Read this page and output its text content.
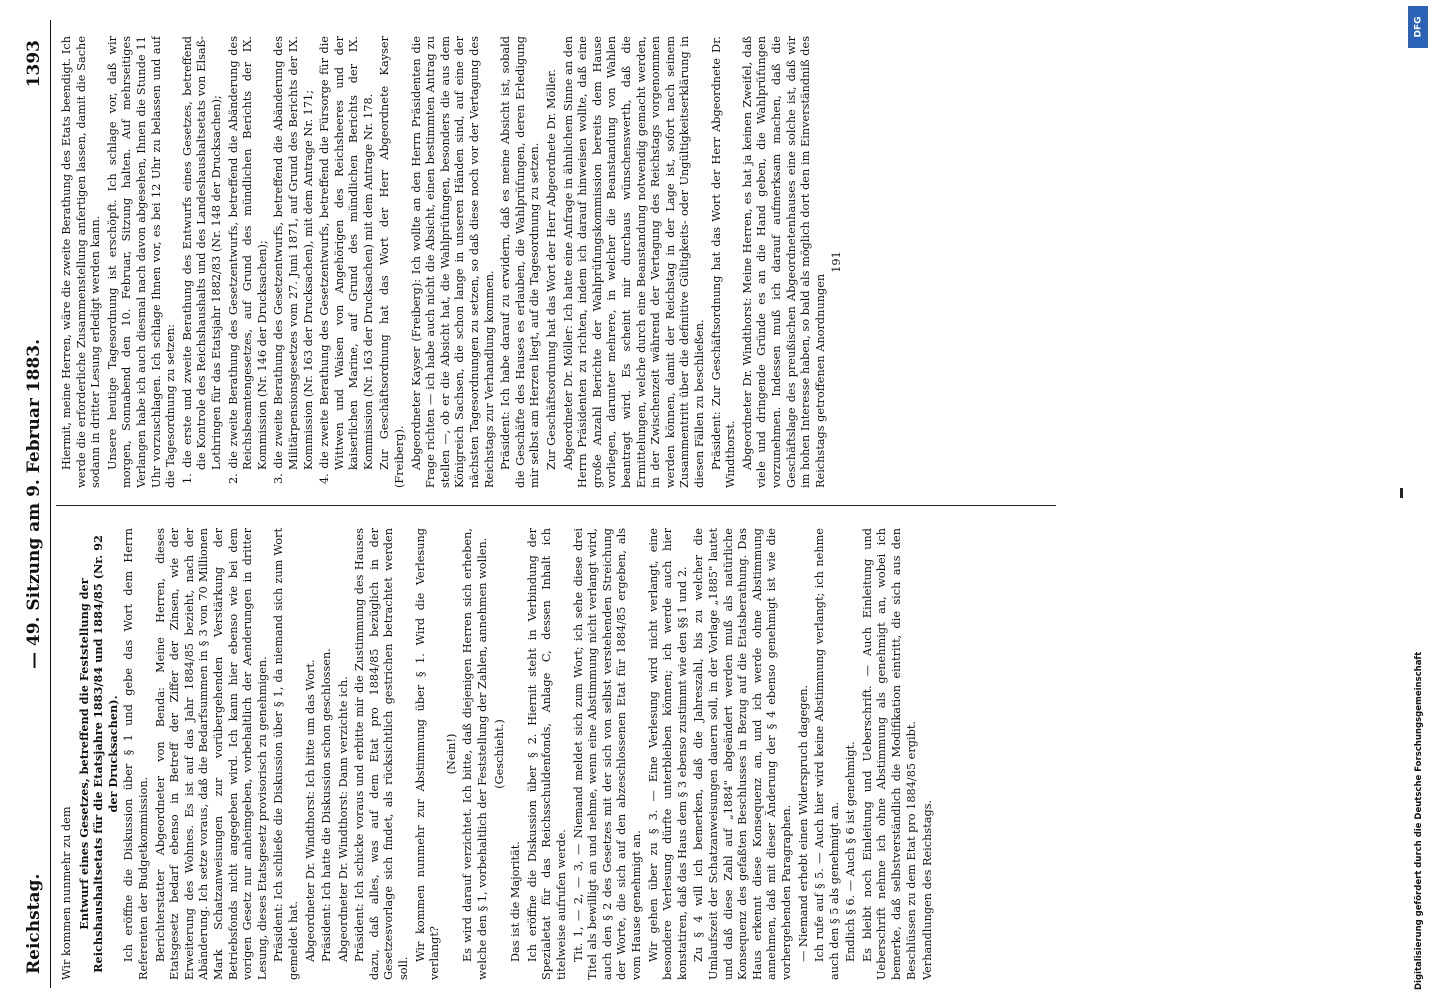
Reichstag.
— 49. Sitzung am 9. Februar 1883.
1393

Wir kommen nunmehr zu dem Entwurf eines Gesetzes, betreffend die Feststellung der Reichshaushaltsetats für die Etatsjahre 1883/84 und 1884/85 (Nr. 92 der Drucksachen). Ich eröffne die Diskussion über § 1 und gebe das Wort dem Herrn Referenten der Budgetkommission. Berichterstatter Abgeordneter von Benda: Meine Herren, dieses Etatsgesetz bedarf ebenso in Betreff der Ziffer der Zinsen, wie der Erweiterung des Wohnes. Es ist auf das Jahr 1884/85 bezieht, nach der Abänderung. Ich setze voraus, daß die Bedarfsummen in § 3 von 70 Millionen Mark Schatzanweisungen zur vorübergehenden Verstärkung der Betriebsfonds nicht angegeben wird. Ich kann hier ebenso wie bei dem vorigen Gesetz nur anheimgeben, vorbehaltlich der Aenderungen in dritter Lesung, dieses Etatsgesetz provisorisch zu genehmigen. Präsident: Ich schließe die Diskussion über § 1, da niemand sich zum Wort gemeldet hat. Abgeordneter Dr. Windthorst: Ich bitte um das Wort. Präsident: Ich hatte die Diskussion schon geschlossen. Abgeordneter Dr. Windthorst: Dann verzichte ich. Präsident: Ich schicke voraus und erbitte mir die Zustimmung des Hauses dazu, daß alles, was auf dem Etat pro 1884/85 bezüglich in der Gesetzesvorlage sich findet, als rücksichtlich gestrichen betrachtet werden soll.

Wir kommen nunmehr zur Abstimmung über § 1. Wird die Verlesung verlangt?

(Nein!) Es wird darauf verzichtet. Ich bitte, daß diejenigen Herren sich erheben, welche den § 1, vorbehaltlich der Feststellung der Zahlen, annehmen wollen. (Geschieht.)

Das ist die Majorität. Ich eröffne die Diskussion über § 2. Hiernit steht in Verbindung der Spezialetat für das Reichsschuldenfonds, Anlage C, dessen Inhalt ich titelweise aufrufen werde. Tit. 1, — 2, — 3, — Niemand meldet sich zum Wort; ich sehe diese drei Titel als bewilligt an und nehme, wenn eine Abstimmung nicht verlangt wird, auch den § 2 des Gesetzes mit der sich von selbst verstehenden Streichung der Worte, die sich auf den abzeschlossenen Etat für 1884/85 ergeben, als vom Hause genehmigt an. Wir gehen über zu § 3. — Eine Verlesung wird nicht verlangt, eine besondere Verlesung dürfte unterbleiben können; ich werde auch hier konstatiren, daß das Haus dem § 3 ebenso zustimmt wie den §§ 1 und 2. Zu § 4 will ich bemerken, daß die Jahreszahl, bis zu welcher die Umlaufszeit der Schatzanweisungen dauern soll, in der Vorlage „1885" lautet und daß diese Zahl auf „1884" abgeändert werden muß als natürliche Konsequenz des gefaßten Beschlusses in Bezug auf die Etatsberathung. Das Haus erkennt diese Konsequenz an, und ich werde ohne Abstimmung annehmen, daß mit dieser Änderung der § 4 ebenso genehmigt ist wie die vorhergehenden Paragraphen. — Niemand erhebt einen Widerspruch dagegen. Ich rufe auf § 5. — Auch hier wird keine Abstimmung verlangt; ich nehme auch den § 5 als genehmigt an. Endlich § 6. — Auch § 6 ist genehmigt. Es bleibt noch Einleitung und Ueberschrift. — Auch Einleitung und Ueberschrift nehme ich ohne Abstimmung als genehmigt an, wobei ich bemerke, daß selbstverständlich die Modifikation eintritt, die sich aus den Beschlüssen zu dem Etat pro 1884/85 ergibt. Verhandlungen des Reichstags.

Hiermit, meine Herren, wäre die zweite Berathung des Etats beendigt. Ich werde die erforderliche Zusammenstellung anfertigen lassen, damit die Sache sodann in dritter Lesung erledigt werden kann. Unsere heutige Tagesordnung ist erschöpft. Ich schlage vor, daß wir morgen, Sonnabend den 10. Februar, Sitzung halten. Auf mehrseitiges Verlangen habe ich auch diesmal nach davon abgesehen, Ihnen die Stunde 11 Uhr vorzuschlagen. Ich schlage Ihnen vor, es bei 12 Uhr zu belassen und auf die Tagesordnung zu setzen: 1. die erste und zweite Berathung des Entwurfs eines Gesetzes, betreffend die Kontrole des Reichshaushalts und des Landeshaushaltsetats von Elsaß-Lothringen für das Etatsjahr 1882/83 (Nr. 148 der Drucksachen); 2. die zweite Berathung des Gesetzentwurfs, betreffend die Abänderung des Reichsbeamtengesetzes, auf Grund des mündlichen Berichts der IX. Kommission (Nr. 146 der Drucksachen); 3. die zweite Berathung des Gesetzentwurfs, betreffend die Abänderung des Militärpensionsgesetzes vom 27. Juni 1871, auf Grund des Berichts der IX. Kommission (Nr. 163 der Drucksachen), mit dem Antrage Nr. 171; 4. die zweite Berathung des Gesetzentwurfs, betreffend die Fürsorge für die Wittwen und Waisen von Angehörigen des Reichsheeres und der kaiserlichen Marine, auf Grund des mündlichen Berichts der IX. Kommission (Nr. 163 der Drucksachen) mit dem Antrage Nr. 178. Zur Geschäftsordnung hat das Wort der Herr Abgeordnete Kayser (Freiberg). Abgeordneter Kayser (Freiberg): Ich wollte an den Herrn Präsidenten die Frage richten — ich habe auch nicht die Absicht, einen bestimmten Antrag zu stellen —, ob er die Absicht hat, die Wahlprüfungen, besonders die aus dem Königreich Sachsen, die schon lange in unseren Händen sind, auf eine der nächsten Tagesordnungen zu setzen, so daß diese noch vor der Vertagung des Reichstags zur Verhandlung kommen. Präsident: Ich habe darauf zu erwidern, daß es meine Absicht ist, sobald die Geschäfte des Hauses es erlauben, die Wahlprüfungen, deren Erledigung mir selbst am Herzen liegt, auf die Tagesordnung zu setzen. Zur Geschäftsordnung hat das Wort der Herr Abgeordnete Dr. Möller. Abgeordneter Dr. Möller: Ich hatte eine Anfrage in ähnlichem Sinne an den Herrn Präsidenten zu richten, indem ich darauf hinweisen wollte, daß eine große Anzahl Berichte der Wahlprüfungskommission bereits dem Hause vorliegen, darunter mehrere, in welcher die Beanstandung von Wahlen beantragt wird. Es scheint mir durchaus wünschenswerth, daß die Ermittelungen, welche durch eine Beanstandung notwendig gemacht werden, in der Zwischenzeit während der Vertagung des Reichstags vorgenommen werden können, damit der Reichstag in der Lage ist, sofort nach seinem Zusammentritt über die definitive Gültigkeits- oder Ungültigkeitserklärung in diesen Fällen zu beschließen. Präsident: Zur Geschäftsordnung hat das Wort der Herr Abgeordnete Dr. Windthorst. Abgeordneter Dr. Windthorst: Meine Herren, es hat ja keinen Zweifel, daß viele und dringende Gründe es an die Hand geben, die Wahlprüfungen vorzunehmen. Indessen muß ich darauf aufmerksam machen, daß die Geschäftslage des preußischen Abgeordnetenhauses eine solche ist, daß wir im hohen Interesse haben, so bald als möglich dort den im Einverständniß des Reichstags getroffenen Anordnungen

191

Digitalisierung gefördert durch die Deutsche Forschungsgemeinschaft
DFG
